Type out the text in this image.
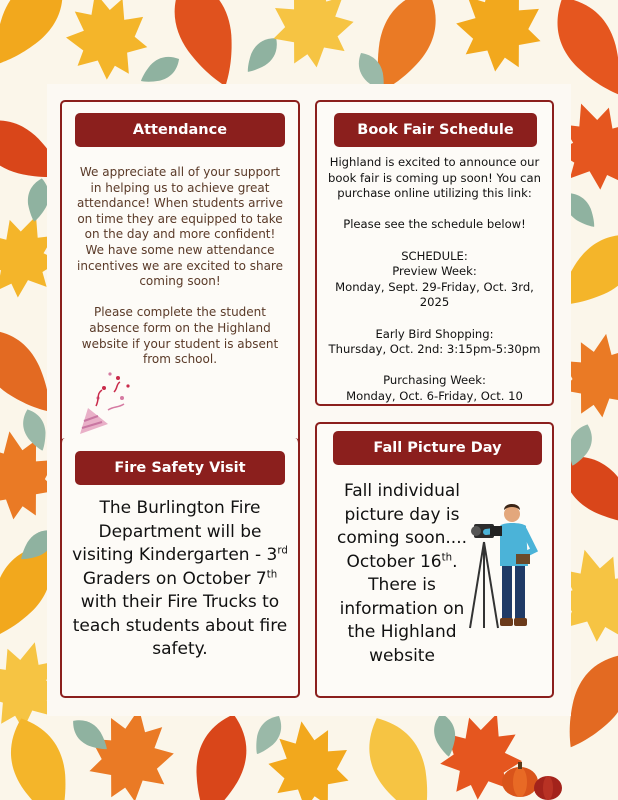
Attendance

We appreciate all of your support in helping us to achieve great attendance! When students arrive on time they are equipped to take on the day and more confident! We have some new attendance incentives we are excited to share coming soon!

Please complete the student absence form on the Highland website if your student is absent from school.

Fire Safety Visit
The Burlington Fire Department will be visiting Kindergarten - 3rd Graders on October 7th with their Fire Trucks to teach students about fire safety.
Book Fair Schedule

Highland is excited to announce our book fair is coming up soon! You can purchase online utilizing this link:

Please see the schedule below!

SCHEDULE:

Preview Week:

Monday, Sept. 29-Friday, Oct. 3rd, 2025

Early Bird Shopping:

Thursday, Oct. 2nd: 3:15pm-5:30pm

Purchasing Week:

Monday, Oct. 6-Friday, Oct. 10

Fall Picture Day
Fall individual picture day is coming soon.... October 16th. There is information on the Highland website
